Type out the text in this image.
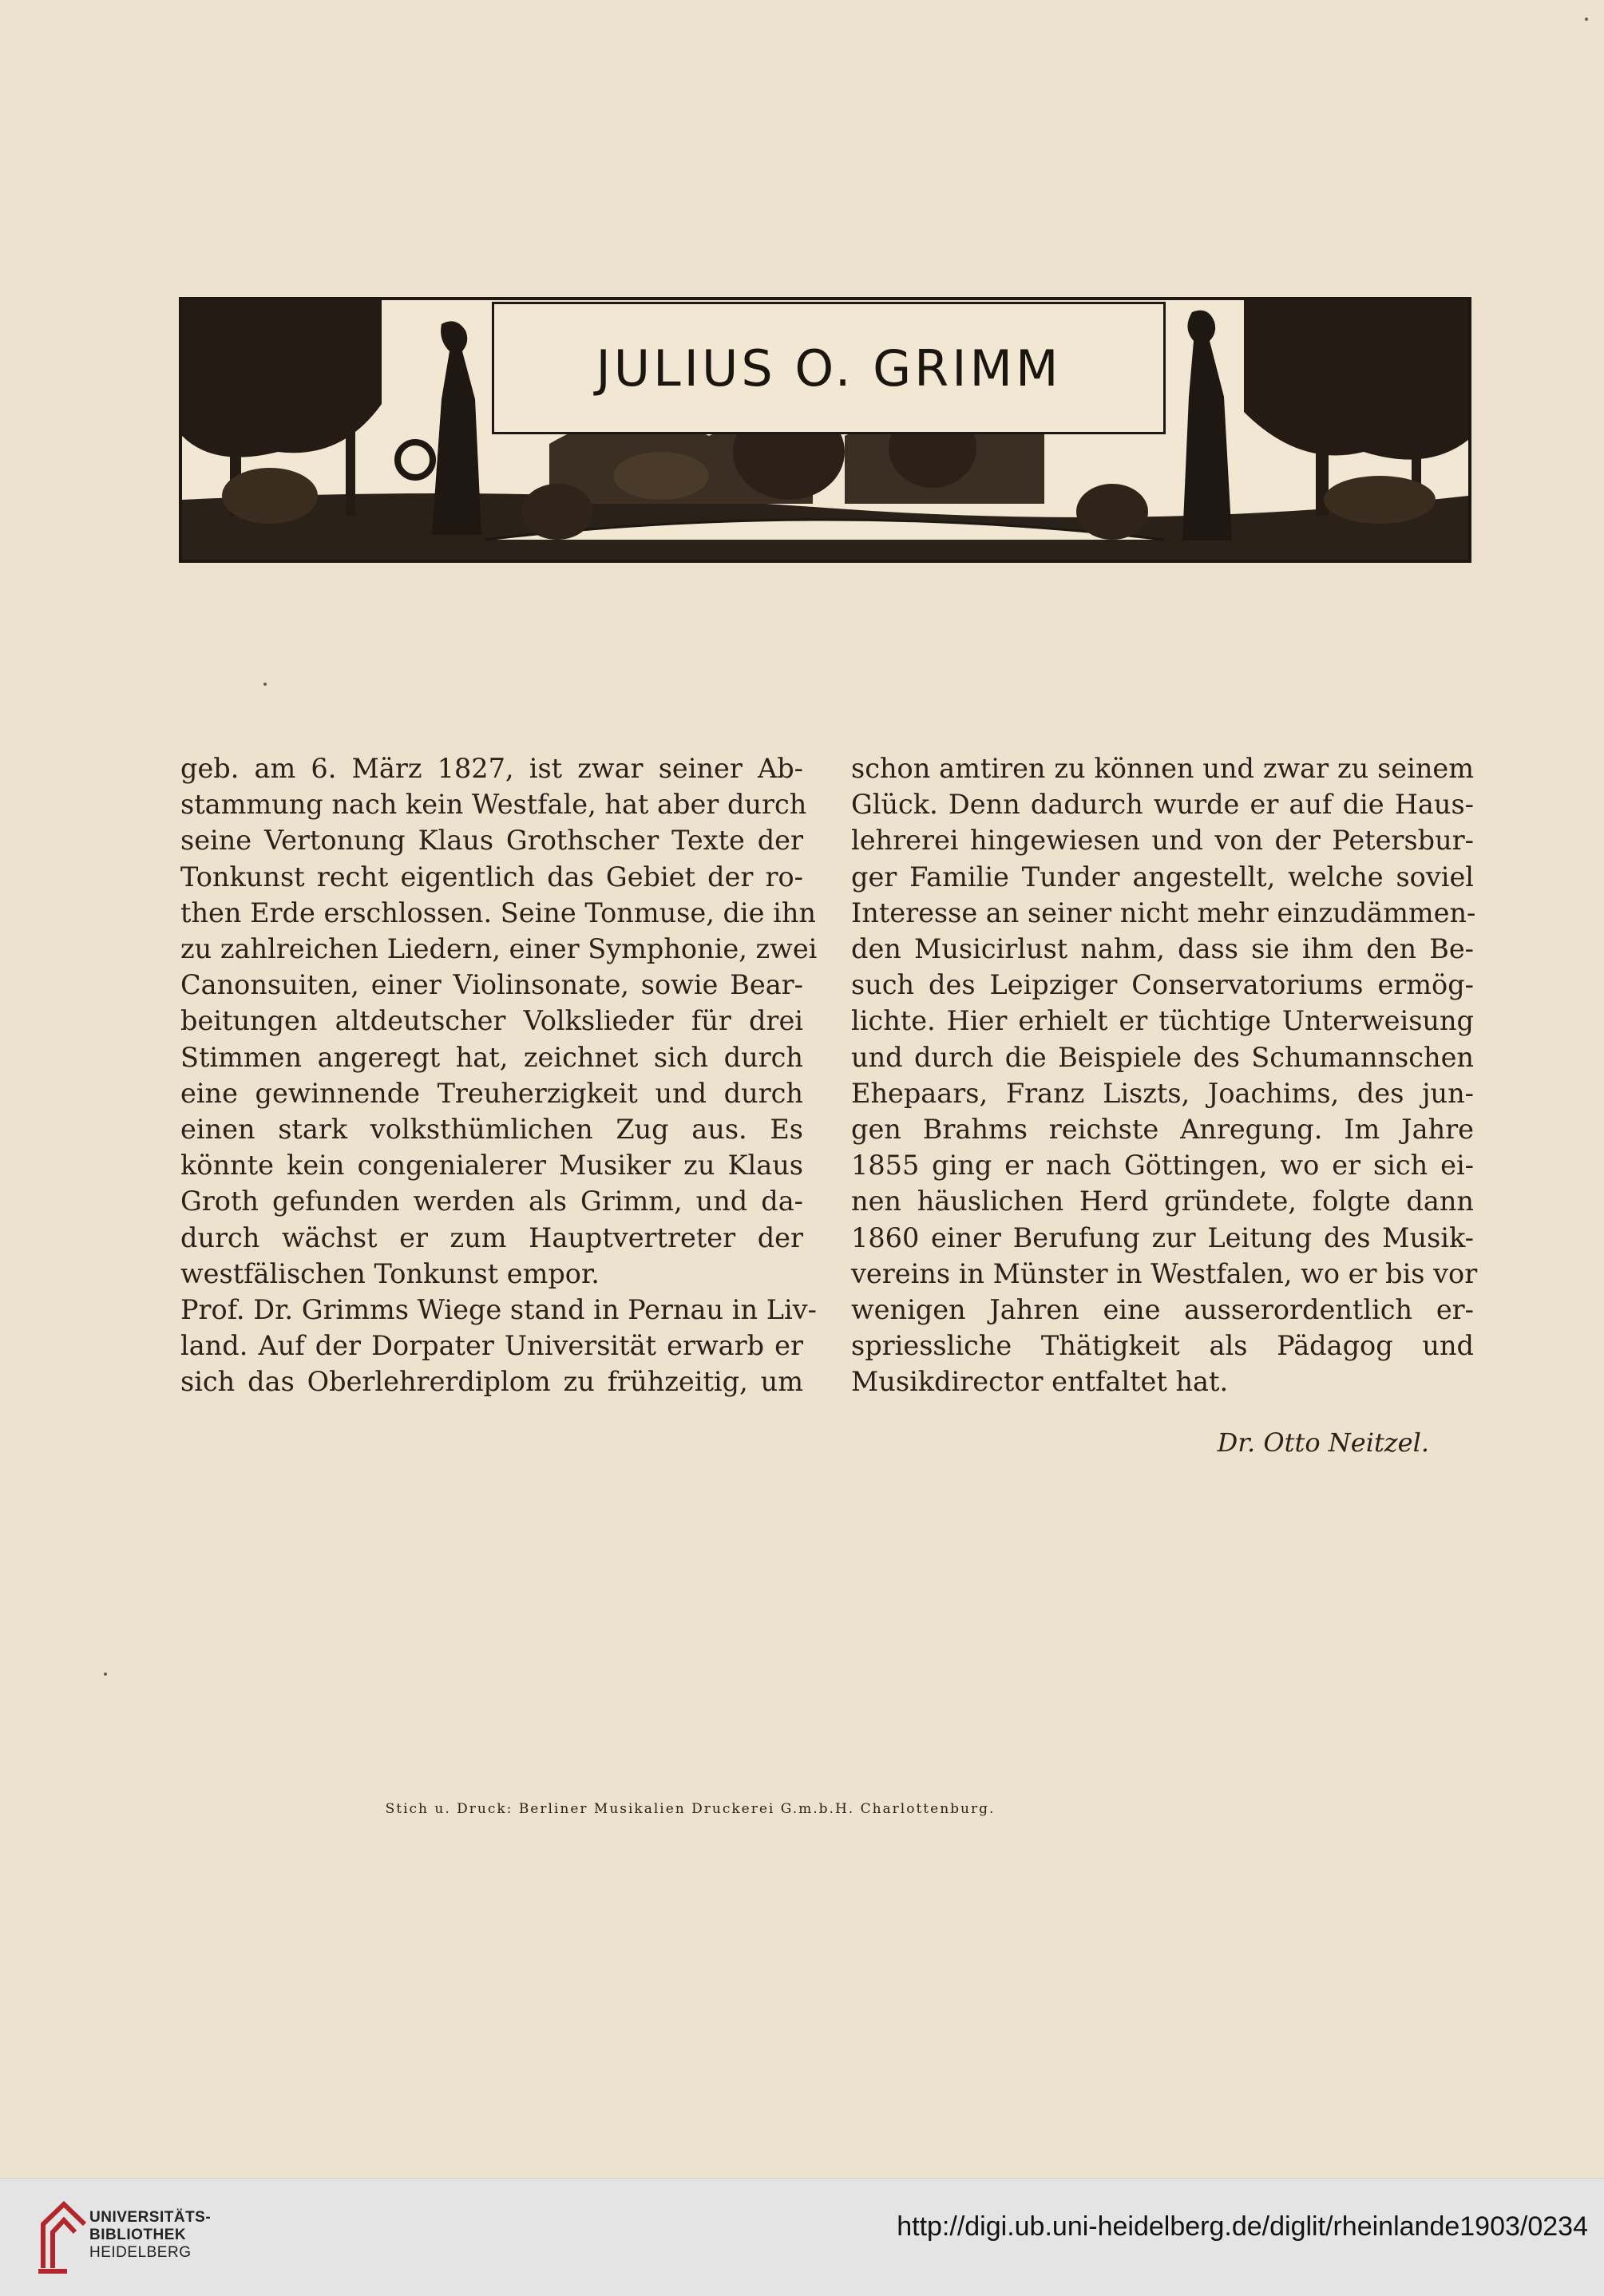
JULIUS O. GRIMM

geb. am 6. März 1827, ist zwar seiner Ab-

stammung nach kein Westfale, hat aber durch

seine Vertonung Klaus Grothscher Texte der

Tonkunst recht eigentlich das Gebiet der ro-

then Erde erschlossen. Seine Tonmuse, die ihn

zu zahlreichen Liedern, einer Symphonie, zwei

Canonsuiten, einer Violinsonate, sowie Bear-

beitungen altdeutscher Volkslieder für drei

Stimmen angeregt hat, zeichnet sich durch

eine gewinnende Treuherzigkeit und durch

einen stark volksthümlichen Zug aus. Es

könnte kein congenialerer Musiker zu Klaus

Groth gefunden werden als Grimm, und da-

durch wächst er zum Hauptvertreter der

westfälischen Tonkunst empor.

Prof. Dr. Grimms Wiege stand in Pernau in Liv-

land. Auf der Dorpater Universität erwarb er

sich das Oberlehrerdiplom zu frühzeitig, um

schon amtiren zu können und zwar zu seinem

Glück. Denn dadurch wurde er auf die Haus-

lehrerei hingewiesen und von der Petersbur-

ger Familie Tunder angestellt, welche soviel

Interesse an seiner nicht mehr einzudämmen-

den Musicirlust nahm, dass sie ihm den Be-

such des Leipziger Conservatoriums ermög-

lichte. Hier erhielt er tüchtige Unterweisung

und durch die Beispiele des Schumannschen

Ehepaars, Franz Liszts, Joachims, des jun-

gen Brahms reichste Anregung. Im Jahre

1855 ging er nach Göttingen, wo er sich ei-

nen häuslichen Herd gründete, folgte dann

1860 einer Berufung zur Leitung des Musik-

vereins in Münster in Westfalen, wo er bis vor

wenigen Jahren eine ausserordentlich er-

spriessliche Thätigkeit als Pädagog und

Musikdirector entfaltet hat.

Dr. Otto Neitzel.
Stich u. Druck: Berliner Musikalien Druckerei G.m.b.H. Charlottenburg.
UNIVERSITÄTS-
BIBLIOTHEK
HEIDELBERG
http://digi.ub.uni-heidelberg.de/diglit/rheinlande1903/0234
